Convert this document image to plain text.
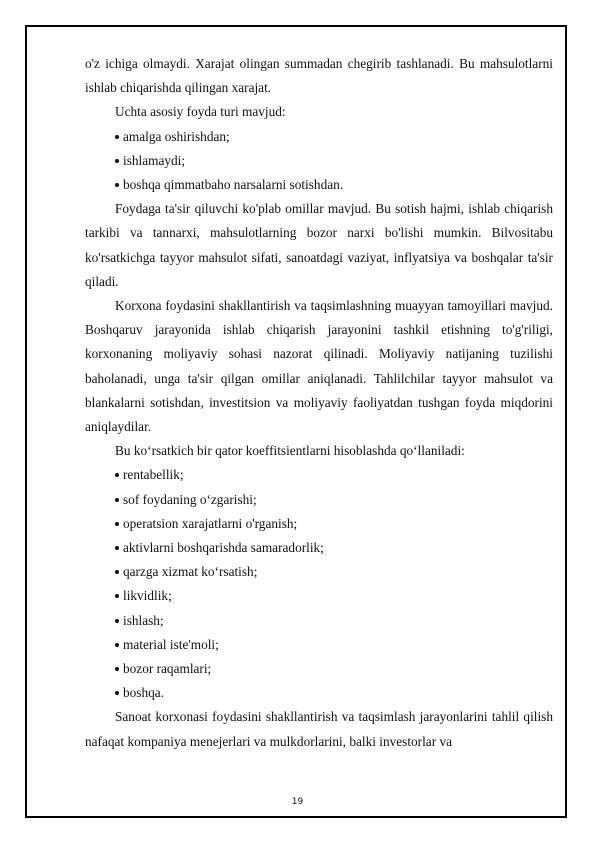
o'z ichiga olmaydi. Xarajat olingan summadan chegirib tashlanadi. Bu mahsulotlarni ishlab chiqarishda qilingan xarajat.

Uchta asosiy foyda turi mavjud:

amalga oshirishdan;
ishlamaydi;
boshqa qimmatbaho narsalarni sotishdan.

Foydaga ta'sir qiluvchi ko'plab omillar mavjud. Bu sotish hajmi, ishlab chiqarish tarkibi va tannarxi, mahsulotlarning bozor narxi bo'lishi mumkin. Bilvositabu ko'rsatkichga tayyor mahsulot sifati, sanoatdagi vaziyat, inflyatsiya va boshqalar ta'sir qiladi.

Korxona foydasini shakllantirish va taqsimlashning muayyan tamoyillari mavjud. Boshqaruv jarayonida ishlab chiqarish jarayonini tashkil etishning to'g'riligi, korxonaning moliyaviy sohasi nazorat qilinadi. Moliyaviy natijaning tuzilishi baholanadi, unga ta'sir qilgan omillar aniqlanadi. Tahlilchilar tayyor mahsulot va blankalarni sotishdan, investitsion va moliyaviy faoliyatdan tushgan foyda miqdorini aniqlaydilar.

Bu ko‘rsatkich bir qator koeffitsientlarni hisoblashda qo‘llaniladi:

rentabellik;
sof foydaning o‘zgarishi;
operatsion xarajatlarni o'rganish;
aktivlarni boshqarishda samaradorlik;
qarzga xizmat ko‘rsatish;
likvidlik;
ishlash;
material iste'moli;
bozor raqamlari;
boshqa.

Sanoat korxonasi foydasini shakllantirish va taqsimlash jarayonlarini tahlil qilish nafaqat kompaniya menejerlari va mulkdorlarini, balki investorlar va

19
